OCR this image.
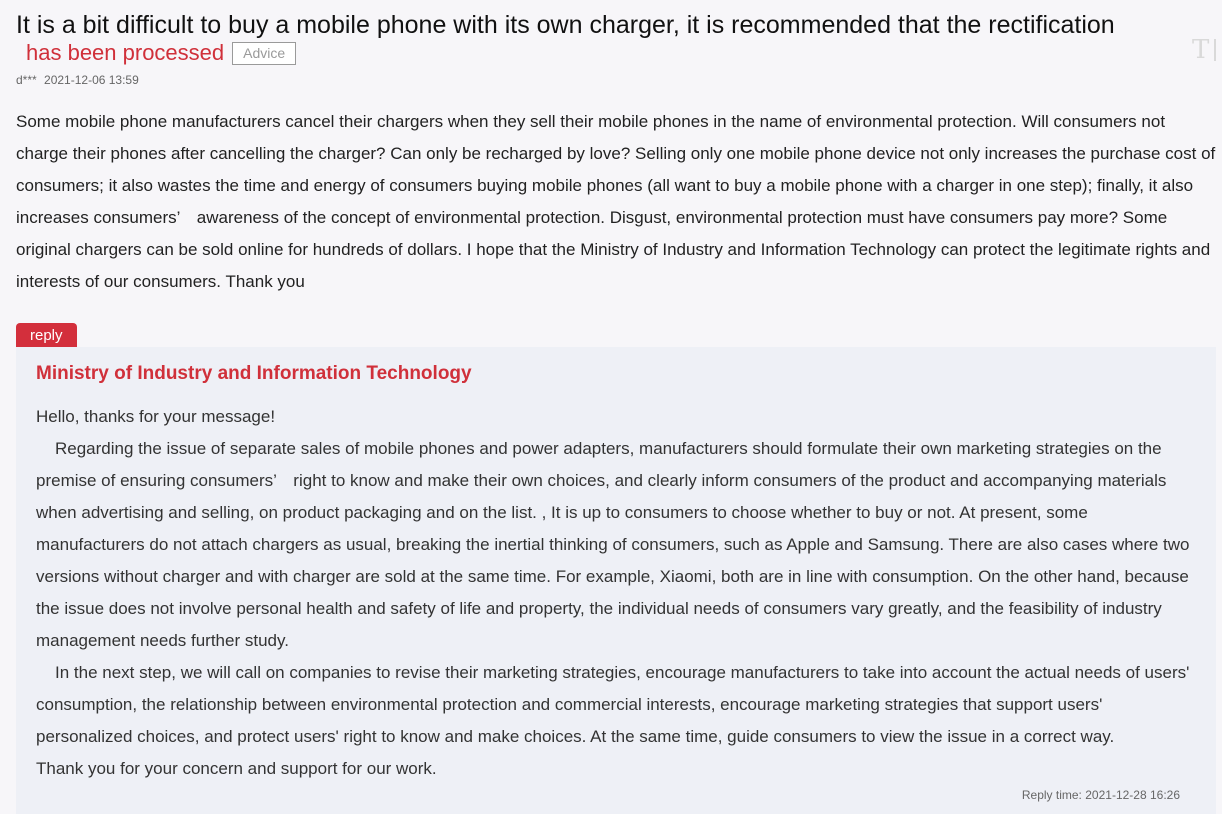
It is a bit difficult to buy a mobile phone with its own charger, it is recommended that the rectification
has been processed	Advice	T
d*** 2021-12-06 13:59
Some mobile phone manufacturers cancel their chargers when they sell their mobile phones in the name of environmental protection. Will consumers not charge their phones after cancelling the charger? Can only be recharged by love? Selling only one mobile phone device not only increases the purchase cost of consumers; it also wastes the time and energy of consumers buying mobile phones (all want to buy a mobile phone with a charger in one step); finally, it also increases consumers’　awareness of the concept of environmental protection. Disgust, environmental protection must have consumers pay more? Some original chargers can be sold online for hundreds of dollars. I hope that the Ministry of Industry and Information Technology can protect the legitimate rights and interests of our consumers. Thank you
reply
Ministry of Industry and Information Technology

Hello, thanks for your message!

Regarding the issue of separate sales of mobile phones and power adapters, manufacturers should formulate their own marketing strategies on the premise of ensuring consumers’　right to know and make their own choices, and clearly inform consumers of the product and accompanying materials when advertising and selling, on product packaging and on the list. , It is up to consumers to choose whether to buy or not. At present, some manufacturers do not attach chargers as usual, breaking the inertial thinking of consumers, such as Apple and Samsung. There are also cases where two versions without charger and with charger are sold at the same time. For example, Xiaomi, both are in line with consumption. On the other hand, because the issue does not involve personal health and safety of life and property, the individual needs of consumers vary greatly, and the feasibility of industry management needs further study.

In the next step, we will call on companies to revise their marketing strategies, encourage manufacturers to take into account the actual needs of users' consumption, the relationship between environmental protection and commercial interests, encourage marketing strategies that support users' personalized choices, and protect users' right to know and make choices. At the same time, guide consumers to view the issue in a correct way.

Thank you for your concern and support for our work.

Reply time: 2021-12-28 16:26
